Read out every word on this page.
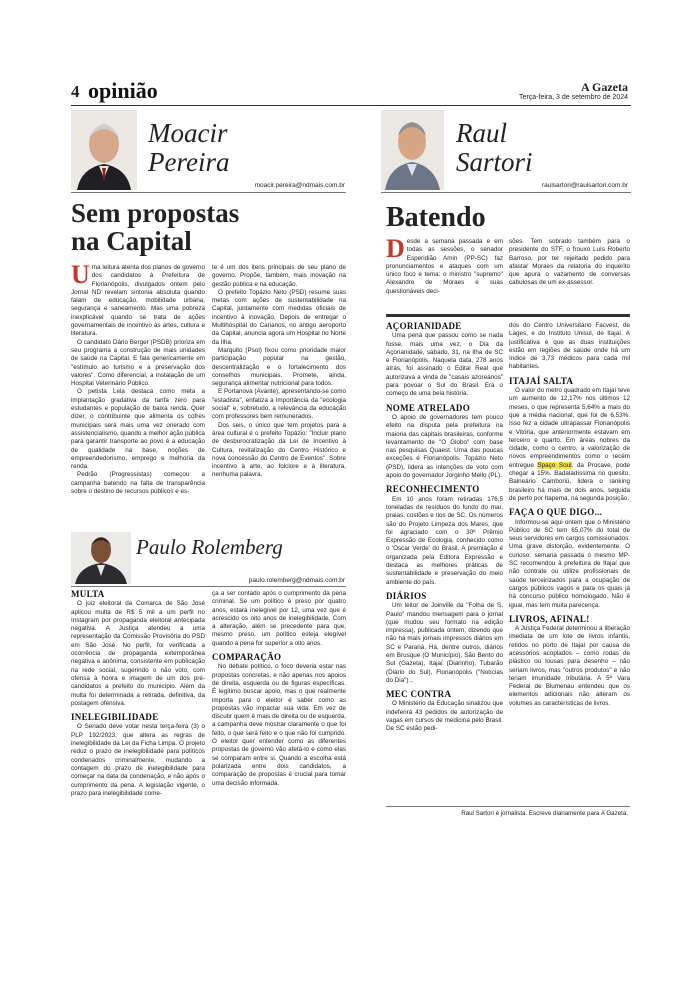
4 opinião	A Gazeta
Terça-feira, 3 de setembro de 2024
Moacir
Pereira
moacir.pereira@ndmais.com.br
Sem propostas
na Capital
U ma leitura atenta dos planos de governo dos candidatos à Prefeitura de Florianópolis, divulgados ontem pelo Jornal ND revelam sintonia absoluta quando falam de educação, mobilidade urbana, segurança e saneamento. Mas uma pobreza inexplicável quando se trata de ações governamentais de incentivo às artes, cultura e literatura.

O candidato Dário Berger (PSDB) prioriza em seu programa a construção de mais unidades de saúde na Capital. E fala genericamente em "estímulo ao turismo e a preservação dos valores". Como diferencial, a instalação de um Hospital Veterinário Público.

O petista Lela destaca como meta a implantação gradativa da tarifa zero para estudantes e população de baixa renda. Quer dizer, o contribuinte que alimenta os cofres municipais será mais uma vez onerado com assistencialismo, quando a melhor ação pública para garantir transporte ao povo é a educação de qualidade na base, noções de empreendedorismo, emprego e melhoria da renda.

Pedrão (Progressistas) começou a campanha batendo na falta de transparência sobre o destino de recursos públicos e es-

te é um dos itens principais de seu plano de governo. Propõe, também, mais inovação na gestão pública e na educação.

O prefeito Topázio Neto (PSD) resume suas metas com ações de sustentabilidade na Capital, juntamente com medidas oficiais de incentivo à inovação. Depois de entregar o Multihospital do Carianos, no antigo aeroporto da Capital, anuncia agora um Hospital no Norte da Ilha.

Marquito (Psol) fixou como prioridade maior participação popular na gestão, descentralização e o fortalecimento dos conselhos municipais. Promete, ainda, segurança alimentar nutricional para todos.

E Portanova (Avante), apresentando-se como "estadista", enfatiza a importância da "ecologia social" e, sobretudo, a relevância da educação com professores bem remunerados.

Dos seis, o único que tem projetos para a área cultural é o prefeito Topázio: "Incluir plano de desburocratização da Lei de Incentivo à Cultura, revitalização do Centro Histórico e nova concessão do Centro de Eventos". Sobre incentivo à arte, ao folclore e à literatura, nenhuma palavra.

Paulo Rolemberg
paulo.rolemberg@ndmais.com.br
MULTA

O juiz eleitoral da Comarca de São José aplicou multa de R$ 5 mil a um perfil no Instagram por propaganda eleitoral antecipada negativa. A Justiça atendeu a uma representação da Comissão Provisória do PSD em São José. No perfil, foi verificada a ocorrência de propaganda extemporânea negativa e anônima, consistente em publicação na rede social, sugerindo o não voto, com ofensa à honra e imagem de um dos pré-candidatos a prefeito do município. Além da multa foi determinada a retirada, definitiva, da postagem ofensiva.

INELEGIBILIDADE

O Senado deve votar nesta terça-feira (3) o PLP 192/2023, que altera as regras de inelegibilidade da Lei da Ficha Limpa. O projeto reduz o prazo de inelegibilidade para políticos condenados criminalmente, mudando a contagem do prazo de inelegibilidade para começar na data da condenação, e não após o cumprimento da pena. A legislação vigente, o prazo para inelegibilidade come-

ça a ser contado após o cumprimento da pena criminal. Se um político é preso por quatro anos, estará inelegível por 12, uma vez que é acrescido os oito anos de inelegibilidade. Com a alteração, além se precedente para que, mesmo preso, um político esteja elegível quando a pena for superior a oito anos.
COMPARAÇÃO

No debate político, o foco deveria estar nas propostas concretas, e não apenas nos apoios de direita, esquerda ou de figuras específicas. É legítimo buscar apoio, mas o que realmente importa para o eleitor é saber como as propostas vão impactar sua vida. Em vez de discutir quem é mais de direita ou de esquerda, a campanha deve mostrar claramente o que foi feito, o que será feito e o que não foi cumprido. O eleitor quer entender como as diferentes propostas de governo vão afetá-lo e como elas se comparam entre si. Quando a escolha está polarizada entre dois candidatos, a comparação de propostas é crucial para tomar uma decisão informada.

Raul
Sartori
raulsartori@raulsartori.com.br
Batendo
D esde a semana passada e em todas as sessões, o senador Esperidião Amin (PP-SC) faz pronunciamentos e ataques com um único foco e tema: o ministro "supremo" Alexandre de Moraes e suas questionáveis deci-
sões. Tem sobrado também para o presidente do STF, o frouxo Luís Roberto Barroso, por ter rejeitado pedido para afastar Moraes da relatoria do inquérito que apura o vazamento de conversas cabulosas de um ex-assessor.
AÇORIANIDADE

Uma pena que passou como se nada fosse, mais uma vez, o Dia da Açorianidade, sábado, 31, na Ilha de SC e Florianópolis. Naquela data, 278 anos atrás, foi assinado o Edital Real que autorizava a vinda de "casais azoreanos" para povoar o Sul do Brasil. Era o começo de uma bela história.

NOME ATRELADO

O apoio de governadores tem pouco efeito na disputa pela prefeitura na maioria das capitais brasileiras, conforme levantamento de "O Globo" com base nas pesquisas Quaest. Uma das poucas exceções é Florianópolis. Topázio Neto (PSD), lidera as intenções de voto com apoio do governador Jorginho Mello (PL).

RECONHECIMENTO

Em 10 anos foram retiradas 176,5 toneladas de resíduos do fundo do mar, praias, costões e rios de SC. Os números são do Projeto Limpeza dos Mares, que foi agraciado com o 30º Prêmio Expressão de Ecologia, conhecido como o 'Oscar Verde' do Brasil. A premiação é organizada pela Editora Expressão e destaca as melhores práticas de sustentabilidade e preservação do meio ambiente do país.

DIÁRIOS

Um leitor de Joinville da "Folha de S. Paulo" mandou mensagem para o jornal (que mudou seu formato na edição impressa), publicada ontem, dizendo que não há mais jornais impressos diários em SC e Paraná. Há, dentre outros, diários em Brusque (O Município), São Bento do Sul (Gazeta), Itajaí (Diarinho), Tubarão (Diário do Sul), Florianópolis ("Notícias do Dia")...

MEC CONTRA

O Ministério da Educação sinalizou que indeferirá 43 pedidos de autorização de vagas em cursos de medicina pelo Brasil. De SC estão pedi-

dos do Centro Universitário Facvest, de Lages, e do Instituto Unisul, de Itajaí. A justificativa é que as duas instituições estão em regiões de saúde onde há um índice de 3,73 médicos para cada mil habitantes.
ITAJAÍ SALTA

O valor do metro quadrado em Itajaí teve um aumento de 12,17% nos últimos 12 meses, o que representa 5,64% a mais do que a média nacional, que foi de 6,53%. Isso fez a cidade ultrapassar Florianópolis e Vitória, que anteriormente estavam em terceiro e quarto. Em áreas nobres da cidade, como o centro, a valorização de novos empreendimentos como o recém entregue Spaço Soul, da Procave, pode chegar a 15%. Badaladíssima no quesito, Balneário Camboriú, lidera o ranking brasileiro há mais de dois anos, seguida de perto por Itapema, na segunda posição.

FAÇA O QUE DIGO...

Informou-se aqui ontem que o Ministério Público de SC tem 65,07% do total de seus servidores em cargos comissionados. Uma grave distorção, evidentemente. O curioso: semana passada o mesmo MP-SC recomendou à prefeitura de Itajaí que não contrate ou utilize profissionais de saúde terceirizados para a ocupação de cargos públicos vagos e para os quais já há concurso público homologado. Não é igual, mas tem muita parecença.

LIVROS, AFINAL!

A Justiça Federal determinou a liberação imediata de um lote de livros infantis, retidos no porto de Itajaí por causa de acessórios acoplados – como rodas de plástico ou lousas para desenho – não seriam livros, mas "outros produtos" e não teriam imunidade tributária. A 5ª Vara Federal de Blumenau entendeu que os elementos adicionais não alteram os volumes as características de livros.

Raul Sartori é jornalista. Escreve diariamente para A Gazeta.
